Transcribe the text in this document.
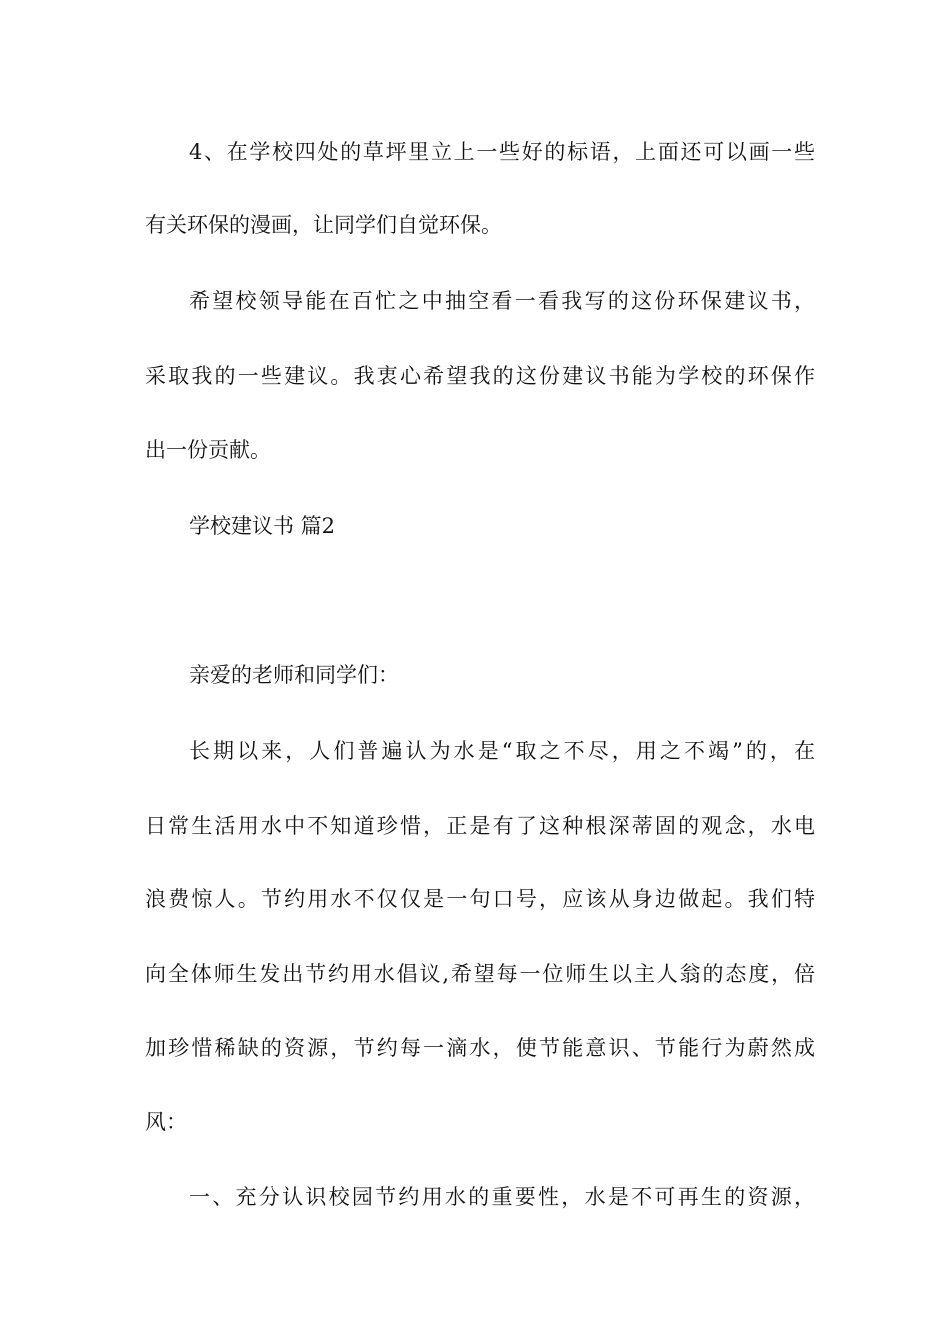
4、在学校四处的草坪里立上一些好的标语，上面还可以画一些
有关环保的漫画，让同学们自觉环保。
希望校领导能在百忙之中抽空看一看我写的这份环保建议书，
采取我的一些建议。我衷心希望我的这份建议书能为学校的环保作
出一份贡献。
学校建议书 篇2
亲爱的老师和同学们：
长期以来，人们普遍认为水是“取之不尽，用之不竭”的，在
日常生活用水中不知道珍惜，正是有了这种根深蒂固的观念，水电
浪费惊人。节约用水不仅仅是一句口号，应该从身边做起。我们特
向全体师生发出节约用水倡议,希望每一位师生以主人翁的态度，倍
加珍惜稀缺的资源，节约每一滴水，使节能意识、节能行为蔚然成
风：
一、充分认识校园节约用水的重要性，水是不可再生的资源，
